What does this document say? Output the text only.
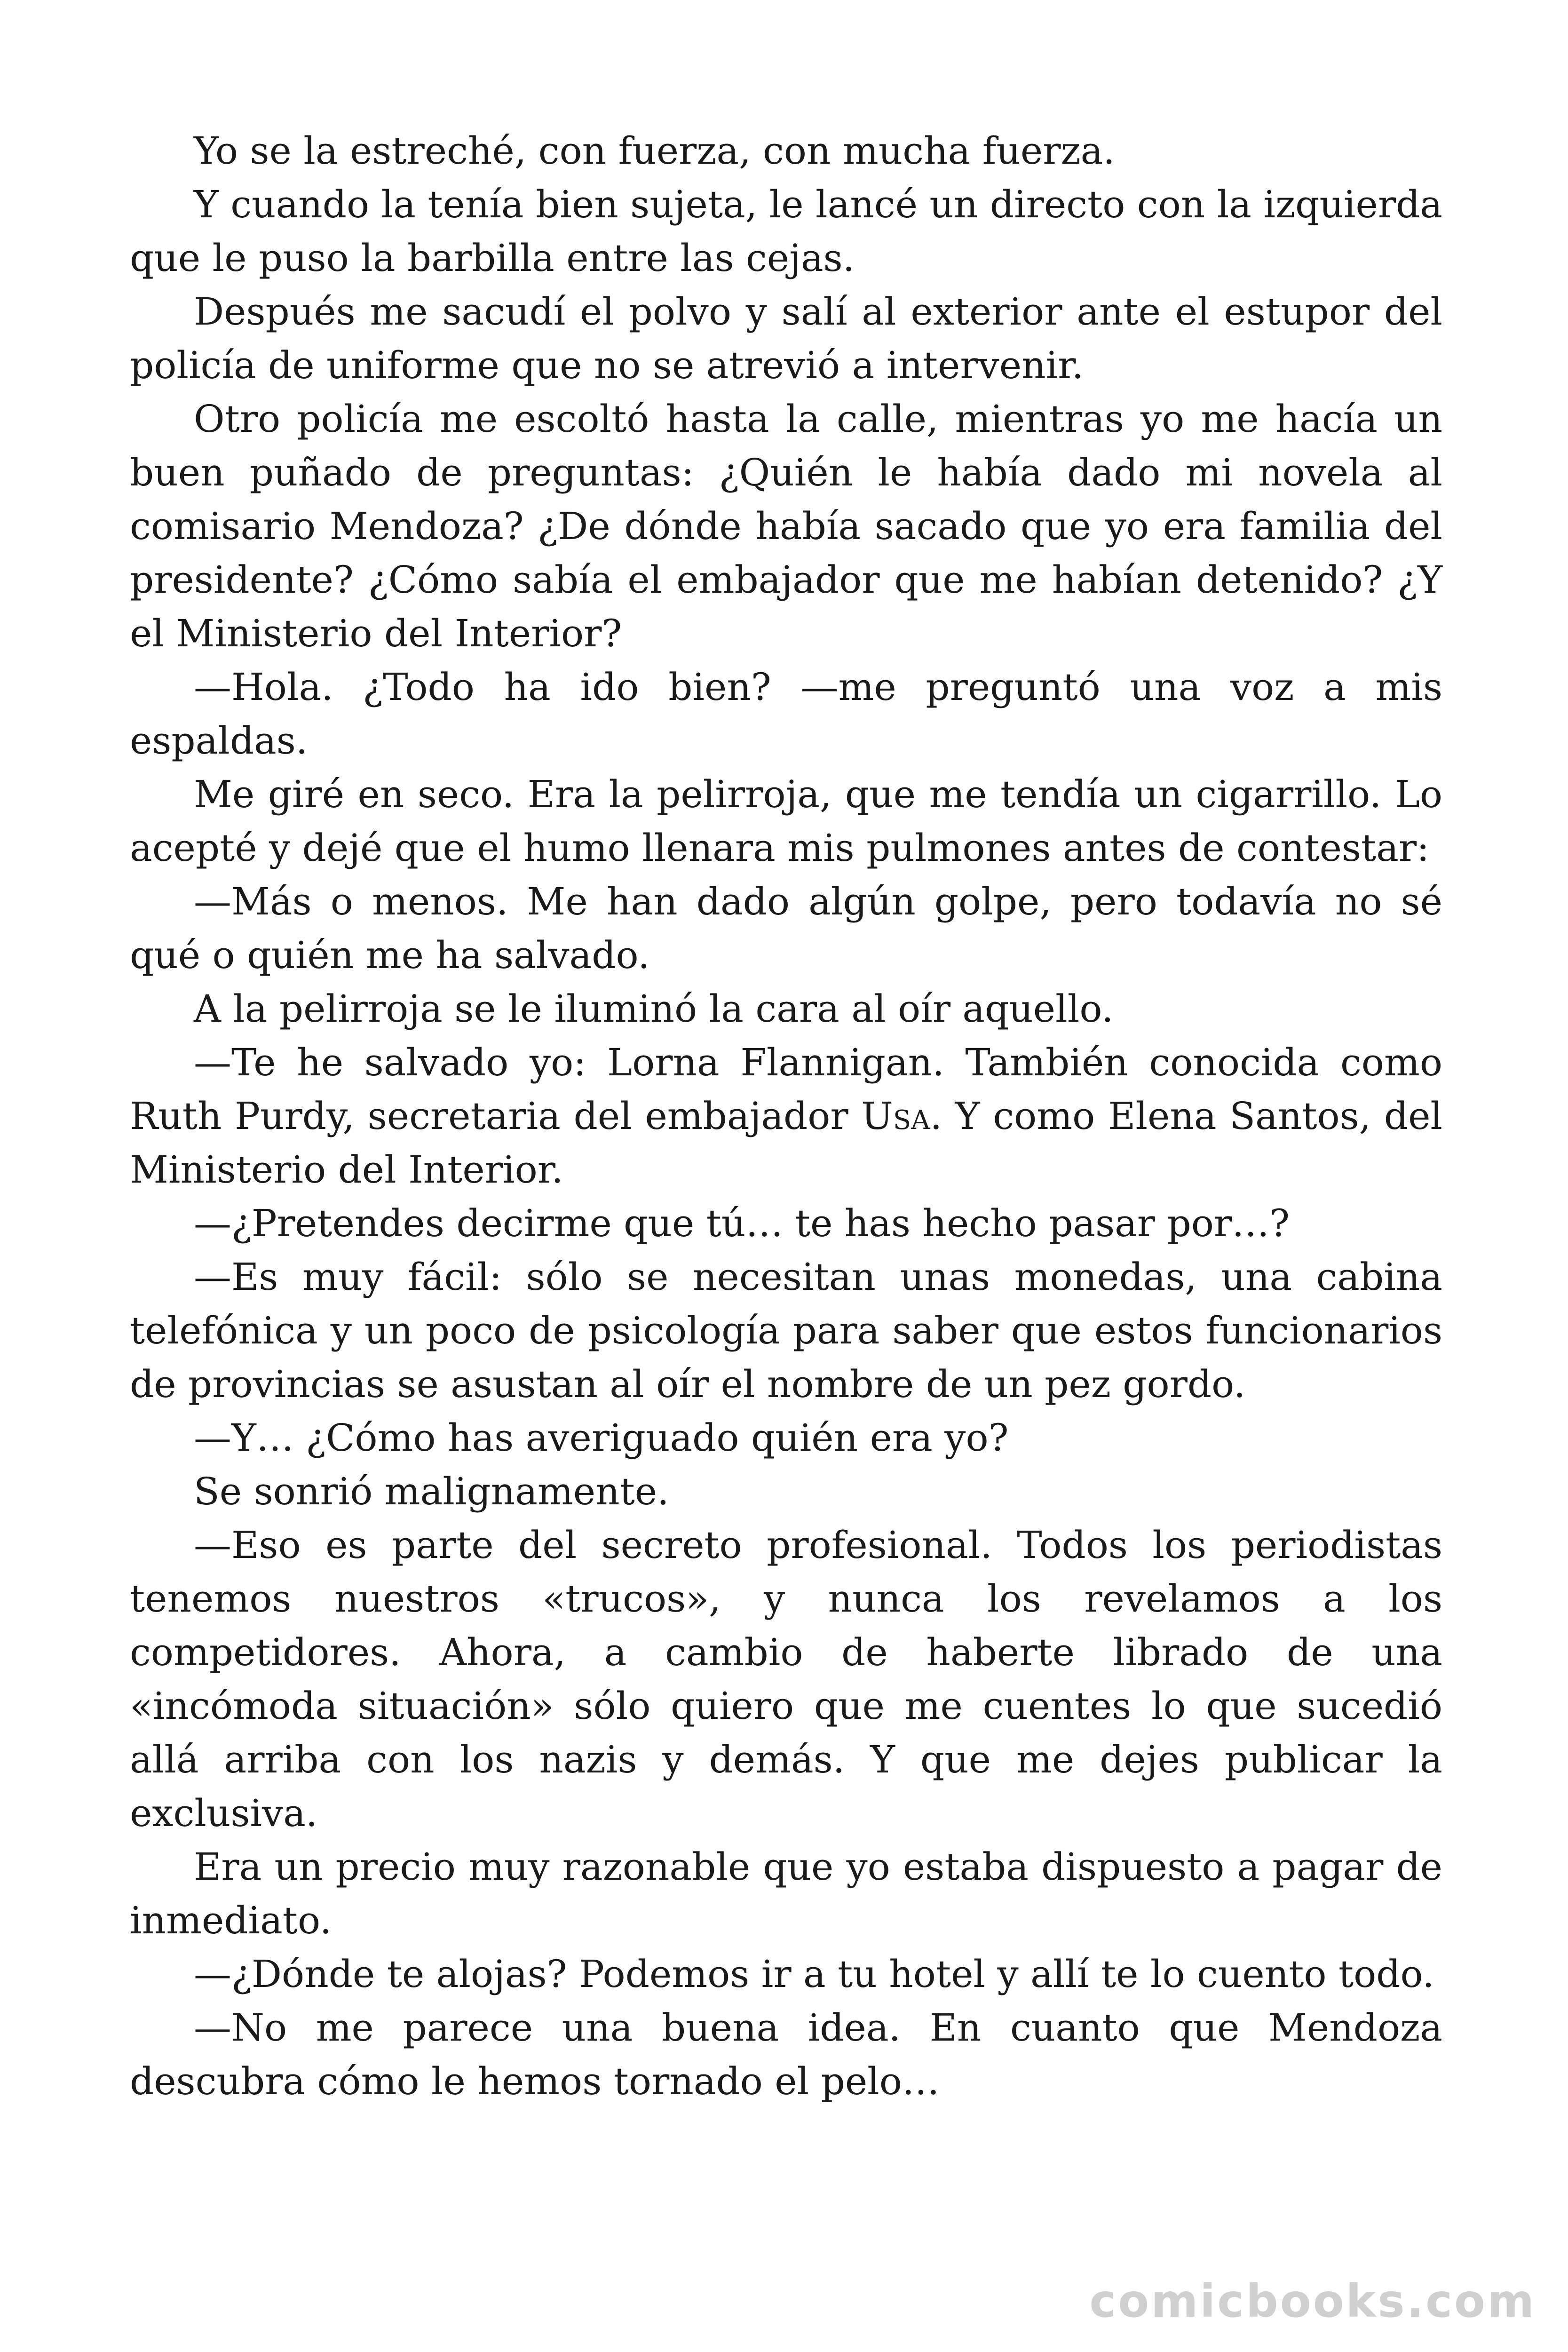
Yo se la estreché, con fuerza, con mucha fuerza.

Y cuando la tenía bien sujeta, le lancé un directo con la izquierda que le puso la barbilla entre las cejas.

Después me sacudí el polvo y salí al exterior ante el estupor del policía de uniforme que no se atrevió a intervenir.

Otro policía me escoltó hasta la calle, mientras yo me hacía un buen puñado de preguntas: ¿Quién le había dado mi novela al comisario Mendoza? ¿De dónde había sacado que yo era familia del presidente? ¿Cómo sabía el embajador que me habían detenido? ¿Y el Ministerio del Interior?

—Hola. ¿Todo ha ido bien? —me preguntó una voz a mis espaldas.

Me giré en seco. Era la pelirroja, que me tendía un cigarrillo. Lo acepté y dejé que el humo llenara mis pulmones antes de contestar:

—Más o menos. Me han dado algún golpe, pero todavía no sé qué o quién me ha salvado.

A la pelirroja se le iluminó la cara al oír aquello.

—Te he salvado yo: Lorna Flannigan. También conocida como Ruth Purdy, secretaria del embajador Usa. Y como Elena Santos, del Ministerio del Interior.

—¿Pretendes decirme que tú… te has hecho pasar por…?

—Es muy fácil: sólo se necesitan unas monedas, una cabina telefónica y un poco de psicología para saber que estos funcionarios de provincias se asustan al oír el nombre de un pez gordo.

—Y… ¿Cómo has averiguado quién era yo?

Se sonrió malignamente.

—Eso es parte del secreto profesional. Todos los periodistas tenemos nuestros «trucos», y nunca los revelamos a los competidores. Ahora, a cambio de haberte librado de una «incómoda situación» sólo quiero que me cuentes lo que sucedió allá arriba con los nazis y demás. Y que me dejes publicar la exclusiva.

Era un precio muy razonable que yo estaba dispuesto a pagar de inmediato.

—¿Dónde te alojas? Podemos ir a tu hotel y allí te lo cuento todo.

—No me parece una buena idea. En cuanto que Mendoza descubra cómo le hemos tornado el pelo…

comicbooks.com
